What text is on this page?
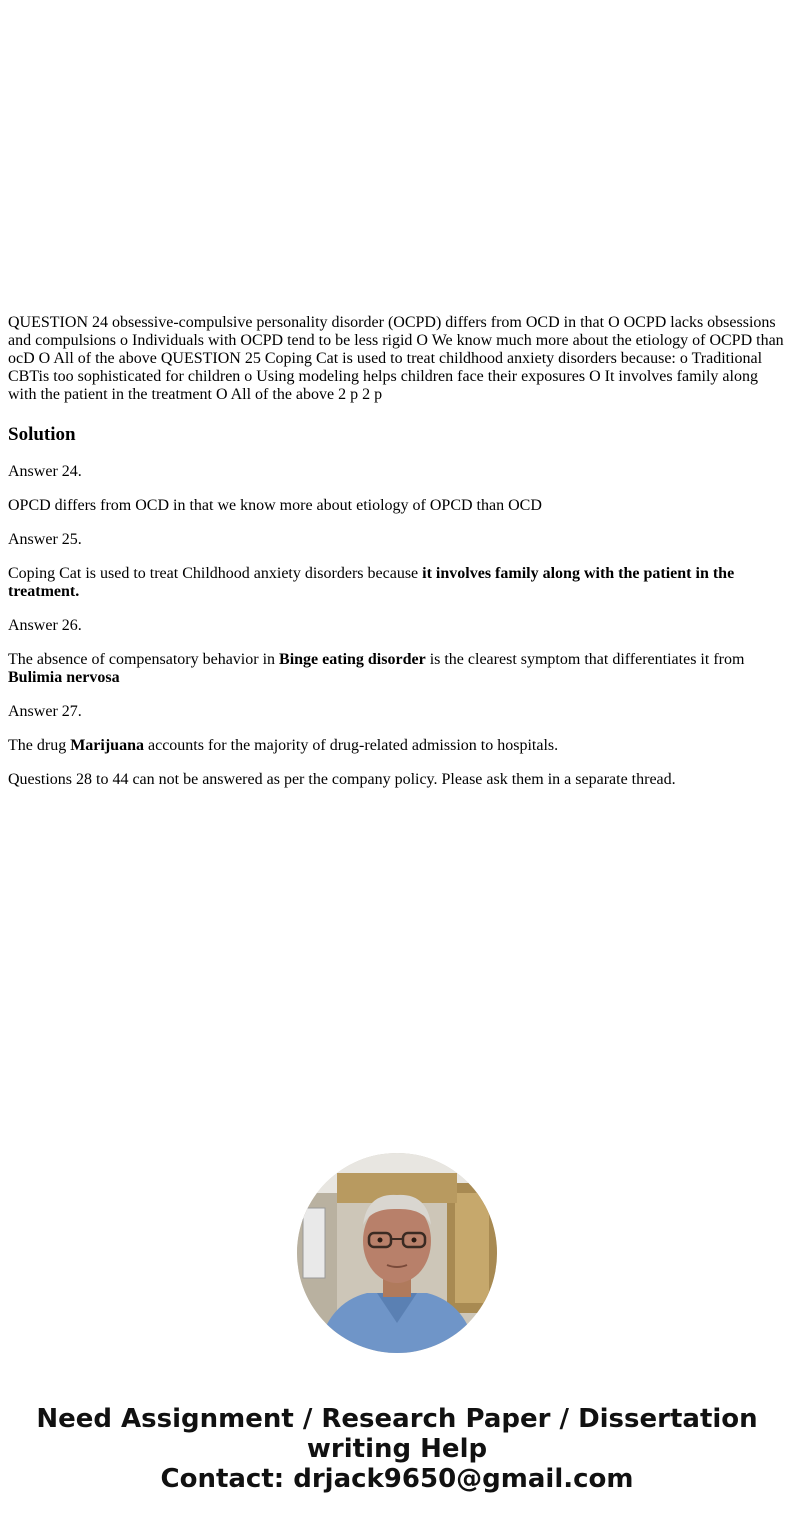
QUESTION 24 obsessive-compulsive personality disorder (OCPD) differs from OCD in that O OCPD lacks obsessions and compulsions o Individuals with OCPD tend to be less rigid O We know much more about the etiology of OCPD than ocD O All of the above QUESTION 25 Coping Cat is used to treat childhood anxiety disorders because: o Traditional CBTis too sophisticated for children o Using modeling helps children face their exposures O It involves family along with the patient in the treatment O All of the above 2 p 2 p
Solution

Answer 24.

OPCD differs from OCD in that we know more about etiology of OPCD than OCD

Answer 25.

Coping Cat is used to treat Childhood anxiety disorders because it involves family along with the patient in the treatment.

Answer 26.

The absence of compensatory behavior in Binge eating disorder is the clearest symptom that differentiates it from Bulimia nervosa

Answer 27.

The drug Marijuana accounts for the majority of drug-related admission to hospitals.

Questions 28 to 44 can not be answered as per the company policy. Please ask them in a separate thread.

Need Assignment / Research Paper / Dissertation
writing Help
Contact: drjack9650@gmail.com
